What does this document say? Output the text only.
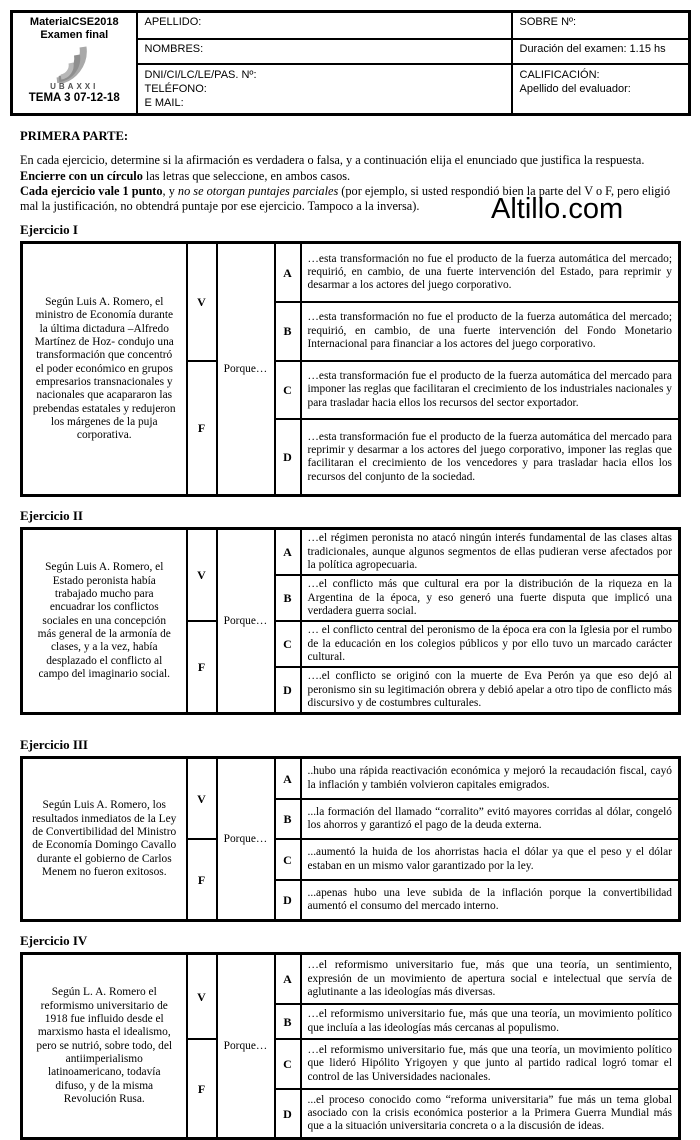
MaterialCSE2018
Examen final
UBAXXI
TEMA 3 07-12-18	APELLIDO:	SOBRE Nº:
	NOMBRES:	Duración del examen: 1.15 hs

DNI/CI/LC/LE/PAS. Nº:
TELÉFONO:
E MAIL:

CALIFICACIÓN:
Apellido del evaluador:
PRIMERA PARTE:

En cada ejercicio, determine si la afirmación es verdadera o falsa, y a continuación elija el enunciado que justifica la respuesta.
Encierre con un círculo las letras que seleccione, en ambos casos.
Cada ejercicio vale 1 punto, y no se otorgan puntajes parciales (por ejemplo, si usted respondió bien la parte del V o F, pero eligió mal la justificación, no obtendrá puntaje por ese ejercicio. Tampoco a la inversa).	Altillo.com
Ejercicio I
Según Luis A. Romero, el ministro de Economía durante la última dictadura –Alfredo Martínez de Hoz- condujo una transformación que concentró el poder económico en grupos empresarios transnacionales y nacionales que acapararon las prebendas estatales y redujeron los márgenes de la puja corporativa.	V	Porque…	A	…esta transformación no fue el producto de la fuerza automática del mercado; requirió, en cambio, de una fuerte intervención del Estado, para reprimir y desarmar a los actores del juego corporativo.
			B	…esta transformación no fue el producto de la fuerza automática del mercado; requirió, en cambio, de una fuerte intervención del Fondo Monetario Internacional para financiar a los actores del juego corporativo.
	F		C	…esta transformación fue el producto de la fuerza automática del mercado para imponer las reglas que facilitaran el crecimiento de los industriales nacionales y para trasladar hacia ellos los recursos del sector exportador.
			D	…esta transformación fue el producto de la fuerza automática del mercado para reprimir y desarmar a los actores del juego corporativo, imponer las reglas que facilitaran el crecimiento de los vencedores y para trasladar hacia ellos los recursos del conjunto de la sociedad.
Ejercicio II
Según Luis A. Romero, el Estado peronista había trabajado mucho para encuadrar los conflictos sociales en una concepción más general de la armonía de clases, y a la vez, había desplazado el conflicto al campo del imaginario social.	V	Porque…	A	…el régimen peronista no atacó ningún interés fundamental de las clases altas tradicionales, aunque algunos segmentos de ellas pudieran verse afectados por la política agropecuaria.
			B	…el conflicto más que cultural era por la distribución de la riqueza en la Argentina de la época, y eso generó una fuerte disputa que implicó una verdadera guerra social.
	F		C	… el conflicto central del peronismo de la época era con la Iglesia por el rumbo de la educación en los colegios públicos y por ello tuvo un marcado carácter cultural.
			D	….el conflicto se originó con la muerte de Eva Perón ya que eso dejó al peronismo sin su legitimación obrera y debió apelar a otro tipo de conflicto más discursivo y de costumbres culturales.
Ejercicio III
Según Luis A. Romero, los resultados inmediatos de la Ley de Convertibilidad del Ministro de Economía Domingo Cavallo durante el gobierno de Carlos Menem no fueron exitosos.	V	Porque…	A	..hubo una rápida reactivación económica y mejoró la recaudación fiscal, cayó la inflación y también volvieron capitales emigrados.
			B	...la formación del llamado “corralito” evitó mayores corridas al dólar, congeló los ahorros y garantizó el pago de la deuda externa.
	F		C	...aumentó la huida de los ahorristas hacia el dólar ya que el peso y el dólar estaban en un mismo valor garantizado por la ley.
			D	...apenas hubo una leve subida de la inflación porque la convertibilidad aumentó el consumo del mercado interno.
Ejercicio IV
Según L. A. Romero el reformismo universitario de 1918 fue influido desde el marxismo hasta el idealismo, pero se nutrió, sobre todo, del antiimperialismo latinoamericano, todavía difuso, y de la misma Revolución Rusa.	V	Porque…	A	…el reformismo universitario fue, más que una teoría, un sentimiento, expresión de un movimiento de apertura social e intelectual que servía de aglutinante a las ideologías más diversas.
			B	…el reformismo universitario fue, más que una teoría, un movimiento político que incluía a las ideologías más cercanas al populismo.
	F		C	…el reformismo universitario fue, más que una teoría, un movimiento político que lideró Hipólito Yrigoyen y que junto al partido radical logró tomar el control de las Universidades nacionales.
			D	...el proceso conocido como “reforma universitaria” fue más un tema global asociado con la crisis económica posterior a la Primera Guerra Mundial más que a la situación universitaria concreta o a la discusión de ideas.
